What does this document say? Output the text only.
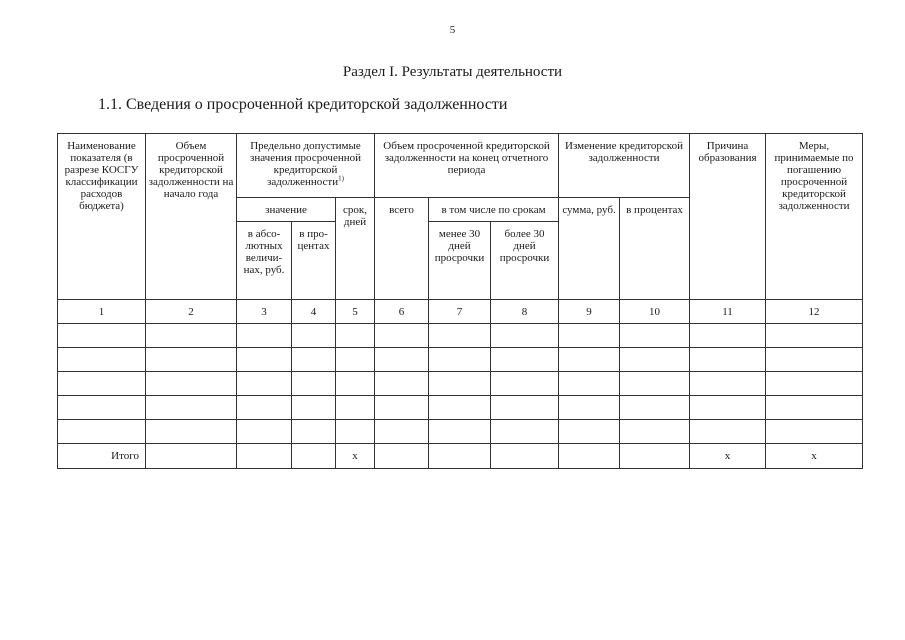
5
Раздел I. Результаты деятельности
1.1. Сведения о просроченной кредиторской задолженности
Наименование показателя (в разрезе КОСГУ классификации расходов бюджета)	Объем просроченной кредиторской задолженности на начало года	Предельно допустимые значения просроченной кредиторской задолженности$^{1)}$			Объем просроченной кредиторской задолженности на конец отчетного периода			Изменение кредиторской задолженности		Причина образования	Меры, принимаемые по погашению просроченной кредиторской задолженности
		значение		срок, дней	всего	в том числе по срокам		сумма, руб.	в процентах		
		в абсо-лютных величи-нах, руб.	в про-центах			менее 30 дней просрочки	более 30 дней просрочки				
1	2	3	4	5	6	7	8	9	10	11	12

Итого				x						x	x
